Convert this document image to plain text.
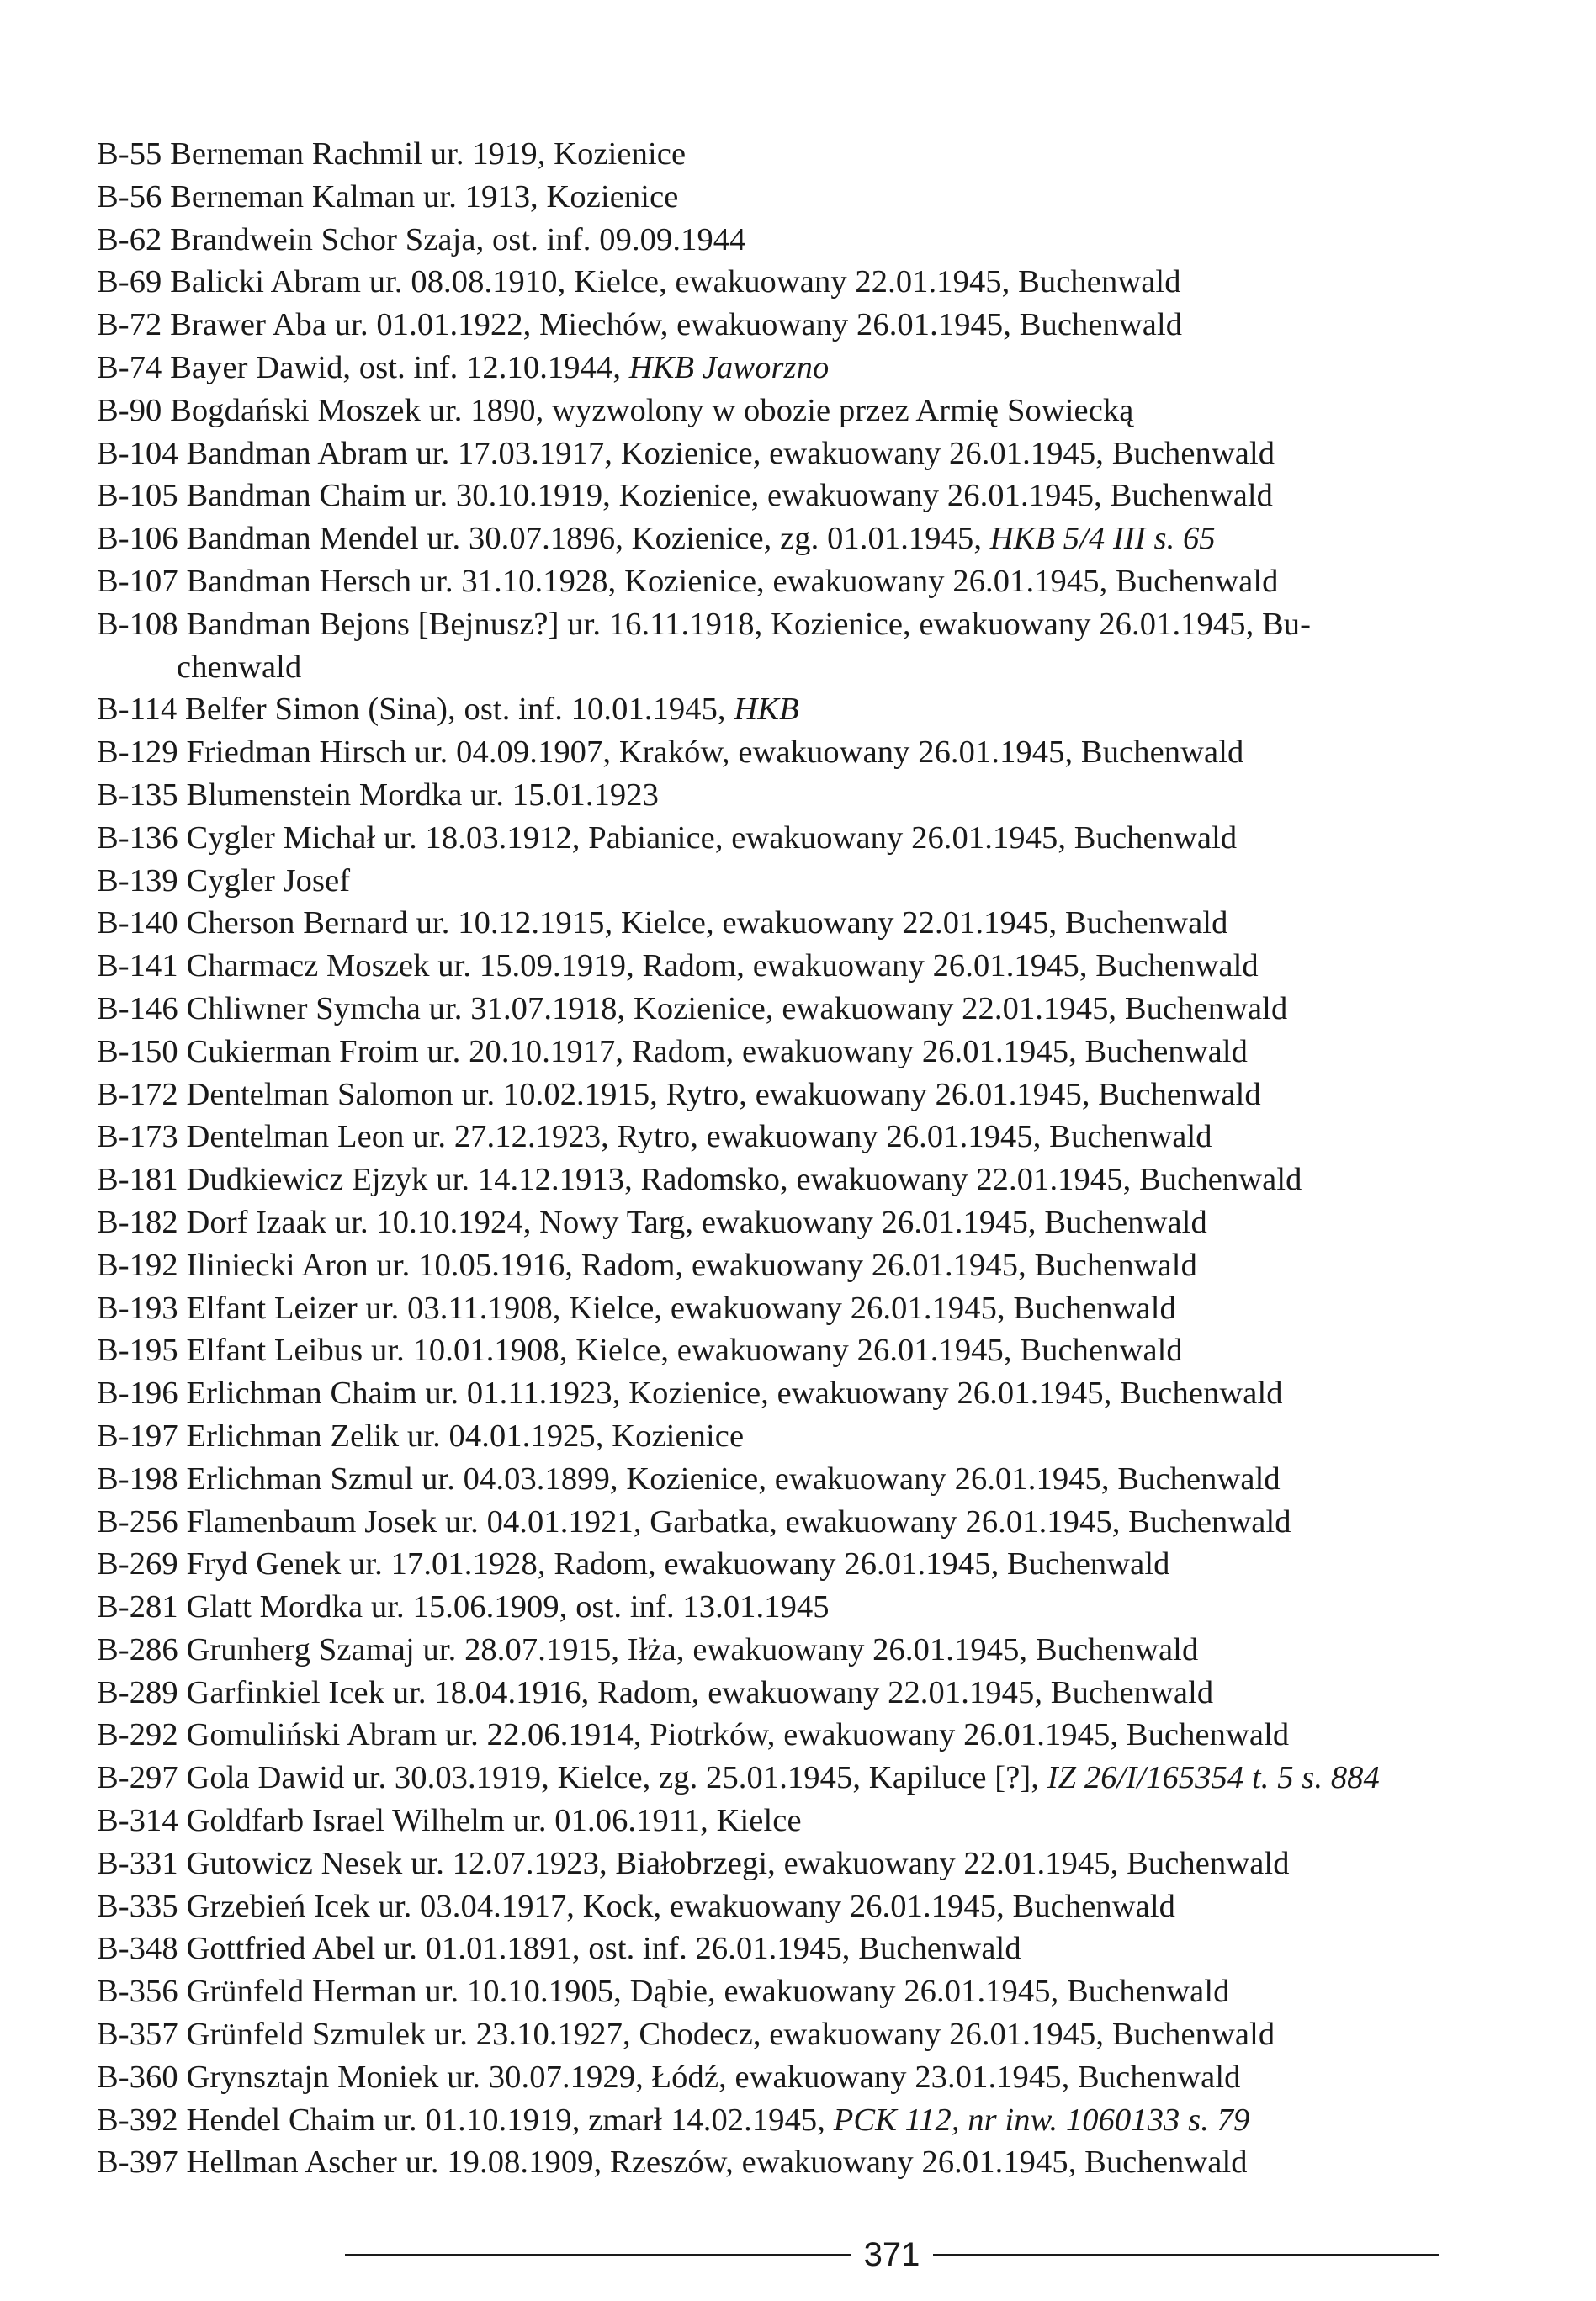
B-55 Berneman Rachmil ur. 1919, Kozienice
B-56 Berneman Kalman ur. 1913, Kozienice
B-62 Brandwein Schor Szaja, ost. inf. 09.09.1944
B-69 Balicki Abram ur. 08.08.1910, Kielce, ewakuowany 22.01.1945, Buchenwald
B-72 Brawer Aba ur. 01.01.1922, Miechów, ewakuowany 26.01.1945, Buchenwald
B-74 Bayer Dawid, ost. inf. 12.10.1944, HKB Jaworzno
B-90 Bogdański Moszek ur. 1890, wyzwolony w obozie przez Armię Sowiecką
B-104 Bandman Abram ur. 17.03.1917, Kozienice, ewakuowany 26.01.1945, Buchenwald
B-105 Bandman Chaim ur. 30.10.1919, Kozienice, ewakuowany 26.01.1945, Buchenwald
B-106 Bandman Mendel ur. 30.07.1896, Kozienice, zg. 01.01.1945, HKB 5/4 III s. 65
B-107 Bandman Hersch ur. 31.10.1928, Kozienice, ewakuowany 26.01.1945, Buchenwald
B-108 Bandman Bejons [Bejnusz?] ur. 16.11.1918, Kozienice, ewakuowany 26.01.1945, Bu-
chenwald
B-114 Belfer Simon (Sina), ost. inf. 10.01.1945, HKB
B-129 Friedman Hirsch ur. 04.09.1907, Kraków, ewakuowany 26.01.1945, Buchenwald
B-135 Blumenstein Mordka ur. 15.01.1923
B-136 Cygler Michał ur. 18.03.1912, Pabianice, ewakuowany 26.01.1945, Buchenwald
B-139 Cygler Josef
B-140 Cherson Bernard ur. 10.12.1915, Kielce, ewakuowany 22.01.1945, Buchenwald
B-141 Charmacz Moszek ur. 15.09.1919, Radom, ewakuowany 26.01.1945, Buchenwald
B-146 Chliwner Symcha ur. 31.07.1918, Kozienice, ewakuowany 22.01.1945, Buchenwald
B-150 Cukierman Froim ur. 20.10.1917, Radom, ewakuowany 26.01.1945, Buchenwald
B-172 Dentelman Salomon ur. 10.02.1915, Rytro, ewakuowany 26.01.1945, Buchenwald
B-173 Dentelman Leon ur. 27.12.1923, Rytro, ewakuowany 26.01.1945, Buchenwald
B-181 Dudkiewicz Ejzyk ur. 14.12.1913, Radomsko, ewakuowany 22.01.1945, Buchenwald
B-182 Dorf Izaak ur. 10.10.1924, Nowy Targ, ewakuowany 26.01.1945, Buchenwald
B-192 Iliniecki Aron ur. 10.05.1916, Radom, ewakuowany 26.01.1945, Buchenwald
B-193 Elfant Leizer ur. 03.11.1908, Kielce, ewakuowany 26.01.1945, Buchenwald
B-195 Elfant Leibus ur. 10.01.1908, Kielce, ewakuowany 26.01.1945, Buchenwald
B-196 Erlichman Chaim ur. 01.11.1923, Kozienice, ewakuowany 26.01.1945, Buchenwald
B-197 Erlichman Zelik ur. 04.01.1925, Kozienice
B-198 Erlichman Szmul ur. 04.03.1899, Kozienice, ewakuowany 26.01.1945, Buchenwald
B-256 Flamenbaum Josek ur. 04.01.1921, Garbatka, ewakuowany 26.01.1945, Buchenwald
B-269 Fryd Genek ur. 17.01.1928, Radom, ewakuowany 26.01.1945, Buchenwald
B-281 Glatt Mordka ur. 15.06.1909, ost. inf. 13.01.1945
B-286 Grunherg Szamaj ur. 28.07.1915, Iłża, ewakuowany 26.01.1945, Buchenwald
B-289 Garfinkiel Icek ur. 18.04.1916, Radom, ewakuowany 22.01.1945, Buchenwald
B-292 Gomuliński Abram ur. 22.06.1914, Piotrków, ewakuowany 26.01.1945, Buchenwald
B-297 Gola Dawid ur. 30.03.1919, Kielce, zg. 25.01.1945, Kapiluce [?], IZ 26/I/165354 t. 5 s. 884
B-314 Goldfarb Israel Wilhelm ur. 01.06.1911, Kielce
B-331 Gutowicz Nesek ur. 12.07.1923, Białobrzegi, ewakuowany 22.01.1945, Buchenwald
B-335 Grzebień Icek ur. 03.04.1917, Kock, ewakuowany 26.01.1945, Buchenwald
B-348 Gottfried Abel ur. 01.01.1891, ost. inf. 26.01.1945, Buchenwald
B-356 Grünfeld Herman ur. 10.10.1905, Dąbie, ewakuowany 26.01.1945, Buchenwald
B-357 Grünfeld Szmulek ur. 23.10.1927, Chodecz, ewakuowany 26.01.1945, Buchenwald
B-360 Grynsztajn Moniek ur. 30.07.1929, Łódź, ewakuowany 23.01.1945, Buchenwald
B-392 Hendel Chaim ur. 01.10.1919, zmarł 14.02.1945, PCK 112, nr inw. 1060133 s. 79
B-397 Hellman Ascher ur. 19.08.1909, Rzeszów, ewakuowany 26.01.1945, Buchenwald
371
